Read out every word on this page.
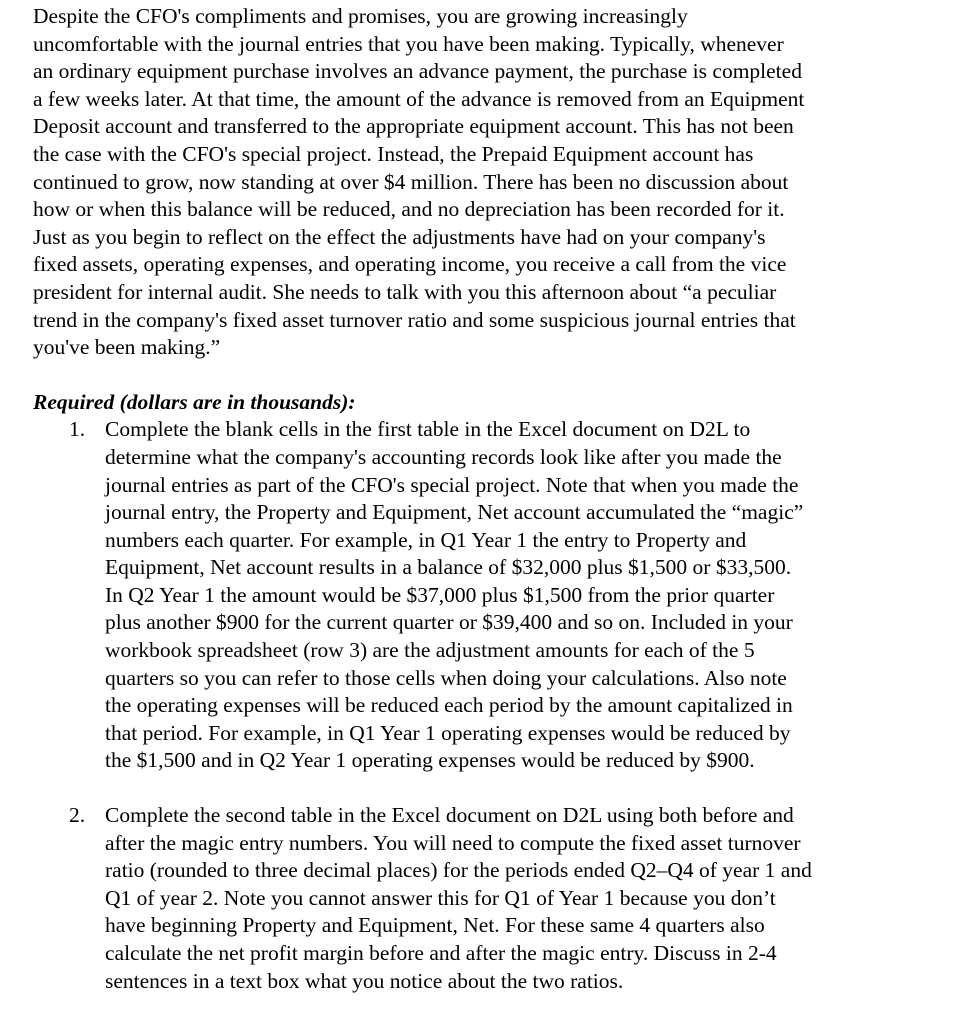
Despite the CFO's compliments and promises, you are growing increasingly
uncomfortable with the journal entries that you have been making. Typically, whenever
an ordinary equipment purchase involves an advance payment, the purchase is completed
a few weeks later. At that time, the amount of the advance is removed from an Equipment
Deposit account and transferred to the appropriate equipment account. This has not been
the case with the CFO's special project. Instead, the Prepaid Equipment account has
continued to grow, now standing at over $4 million. There has been no discussion about
how or when this balance will be reduced, and no depreciation has been recorded for it.
Just as you begin to reflect on the effect the adjustments have had on your company's
fixed assets, operating expenses, and operating income, you receive a call from the vice
president for internal audit. She needs to talk with you this afternoon about “a peculiar
trend in the company's fixed asset turnover ratio and some suspicious journal entries that
you've been making.”

Required (dollars are in thousands):
1. Complete the blank cells in the first table in the Excel document on D2L to
determine what the company's accounting records look like after you made the
journal entries as part of the CFO's special project. Note that when you made the
journal entry, the Property and Equipment, Net account accumulated the “magic”
numbers each quarter. For example, in Q1 Year 1 the entry to Property and
Equipment, Net account results in a balance of $32,000 plus $1,500 or $33,500.
In Q2 Year 1 the amount would be $37,000 plus $1,500 from the prior quarter
plus another $900 for the current quarter or $39,400 and so on. Included in your
workbook spreadsheet (row 3) are the adjustment amounts for each of the 5
quarters so you can refer to those cells when doing your calculations. Also note
the operating expenses will be reduced each period by the amount capitalized in
that period. For example, in Q1 Year 1 operating expenses would be reduced by
the $1,500 and in Q2 Year 1 operating expenses would be reduced by $900.
2. Complete the second table in the Excel document on D2L using both before and
after the magic entry numbers. You will need to compute the fixed asset turnover
ratio (rounded to three decimal places) for the periods ended Q2–Q4 of year 1 and
Q1 of year 2. Note you cannot answer this for Q1 of Year 1 because you don’t
have beginning Property and Equipment, Net. For these same 4 quarters also
calculate the net profit margin before and after the magic entry. Discuss in 2-4
sentences in a text box what you notice about the two ratios.
